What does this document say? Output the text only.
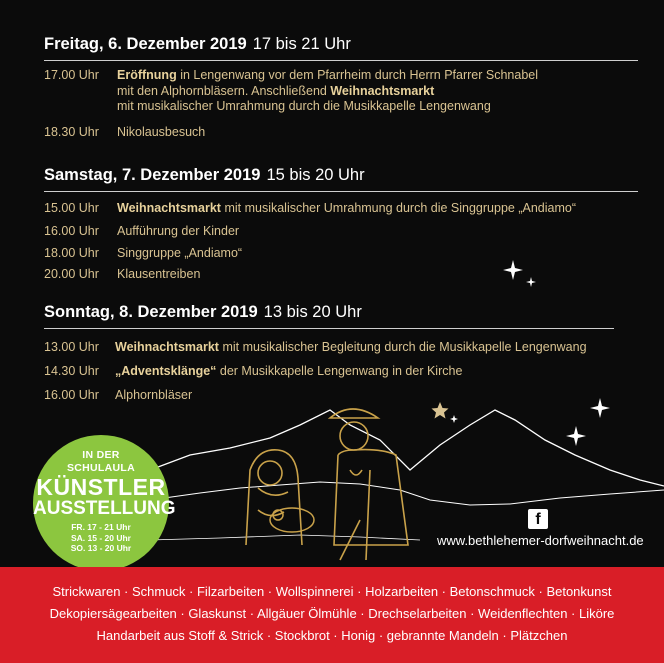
Freitag, 6. Dezember 2019 17 bis 21 Uhr
17.00 Uhr	Eröffnung in Lengenwang vor dem Pfarrheim durch Herrn Pfarrer Schnabel
mit den Alphornbläsern. Anschließend Weihnachtsmarkt
mit musikalischer Umrahmung durch die Musikkapelle Lengenwang
18.30 Uhr	Nikolausbesuch
Samstag, 7. Dezember 2019 15 bis 20 Uhr
15.00 Uhr	Weihnachtsmarkt mit musikalischer Umrahmung durch die Singgruppe „Andiamo“
16.00 Uhr	Aufführung der Kinder
18.00 Uhr	Singgruppe „Andiamo“
20.00 Uhr	Klausentreiben
Sonntag, 8. Dezember 2019 13 bis 20 Uhr
13.00 Uhr	Weihnachtsmarkt mit musikalischer Begleitung durch die Musikkapelle Lengenwang
14.30 Uhr	„Adventsklänge“ der Musikkapelle Lengenwang in der Kirche
16.00 Uhr	Alphornbläser
IN DER
SCHULAULA
KÜNSTLER
AUSSTELLUNG
FR. 17 - 21 Uhr
SA. 15 - 20 Uhr
SO. 13 - 20 Uhr
f
www.bethlehemer-dorfweihnacht.de
Strickwaren · Schmuck · Filzarbeiten · Wollspinnerei · Holzarbeiten · Betonschmuck · Betonkunst
Dekopiersägearbeiten · Glaskunst · Allgäuer Ölmühle · Drechselarbeiten · Weidenflechten · Liköre
Handarbeit aus Stoff & Strick · Stockbrot · Honig · gebrannte Mandeln · Plätzchen
